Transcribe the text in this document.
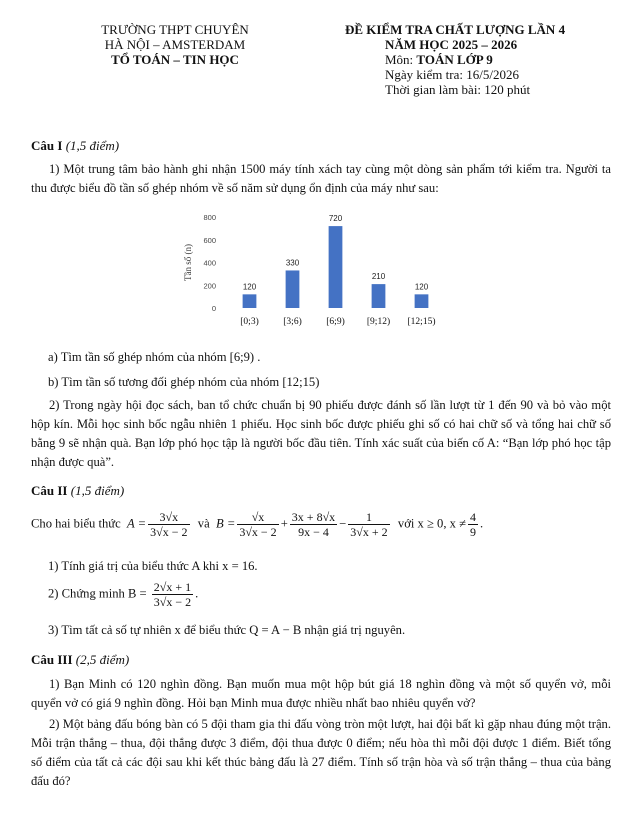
TRƯỜNG THPT CHUYÊN
HÀ NỘI – AMSTERDAM
TỔ TOÁN – TIN HỌC
ĐỀ KIỂM TRA CHẤT LƯỢNG LẦN 4
NĂM HỌC 2025 – 2026
Môn: TOÁN LỚP 9
Ngày kiểm tra: 16/5/2026
Thời gian làm bài: 120 phút
Câu I (1,5 điểm)
1) Một trung tâm bảo hành ghi nhận 1500 máy tính xách tay cùng một dòng sản phẩm tới kiểm tra. Người ta thu được biểu đồ tần số ghép nhóm về số năm sử dụng ổn định của máy như sau:
Tần số (n)
0
200
400
600
800
120
[0;3)
330
[3;6)
720
[6;9)
210
[9;12)
120
[12;15)
a) Tìm tần số ghép nhóm của nhóm [6;9) .
b) Tìm tần số tương đối ghép nhóm của nhóm [12;15)
2) Trong ngày hội đọc sách, ban tổ chức chuẩn bị 90 phiếu được đánh số lần lượt từ 1 đến 90 và bỏ vào một hộp kín. Mỗi học sinh bốc ngẫu nhiên 1 phiếu. Học sinh bốc được phiếu ghi số có hai chữ số và tổng hai chữ số bằng 9 sẽ nhận quà. Bạn lớp phó học tập là người bốc đầu tiên. Tính xác suất của biến cố A: “Bạn lớp phó học tập nhận được quà”.
Câu II (1,5 điểm)
Cho hai biểu thức $A = \frac{3√x}{3√x - 2}$ và $B = \frac{√x}{3√x - 2} + \frac{3x + 8√x}{9x - 4} - \frac{1}{3√x + 2}$ với x ≥ 0, $x \ne \frac{4}{9}$ .
1) Tính giá trị của biểu thức A khi x = 16.
2) Chứng minh $B = \frac{2√x + 1}{3√x - 2}$ .
3) Tìm tất cả số tự nhiên x để biểu thức Q = A − B nhận giá trị nguyên.
Câu III (2,5 điểm)
1) Bạn Minh có 120 nghìn đồng. Bạn muốn mua một hộp bút giá 18 nghìn đồng và một số quyển vở, mỗi quyển vở có giá 9 nghìn đồng. Hỏi bạn Minh mua được nhiều nhất bao nhiêu quyển vở?
2) Một bảng đấu bóng bàn có 5 đội tham gia thi đấu vòng tròn một lượt, hai đội bất kì gặp nhau đúng một trận. Mỗi trận thắng – thua, đội thắng được 3 điểm, đội thua được 0 điểm; nếu hòa thì mỗi đội được 1 điểm. Biết tổng số điểm của tất cả các đội sau khi kết thúc bảng đấu là 27 điểm. Tính số trận hòa và số trận thắng – thua của bảng đấu đó?
